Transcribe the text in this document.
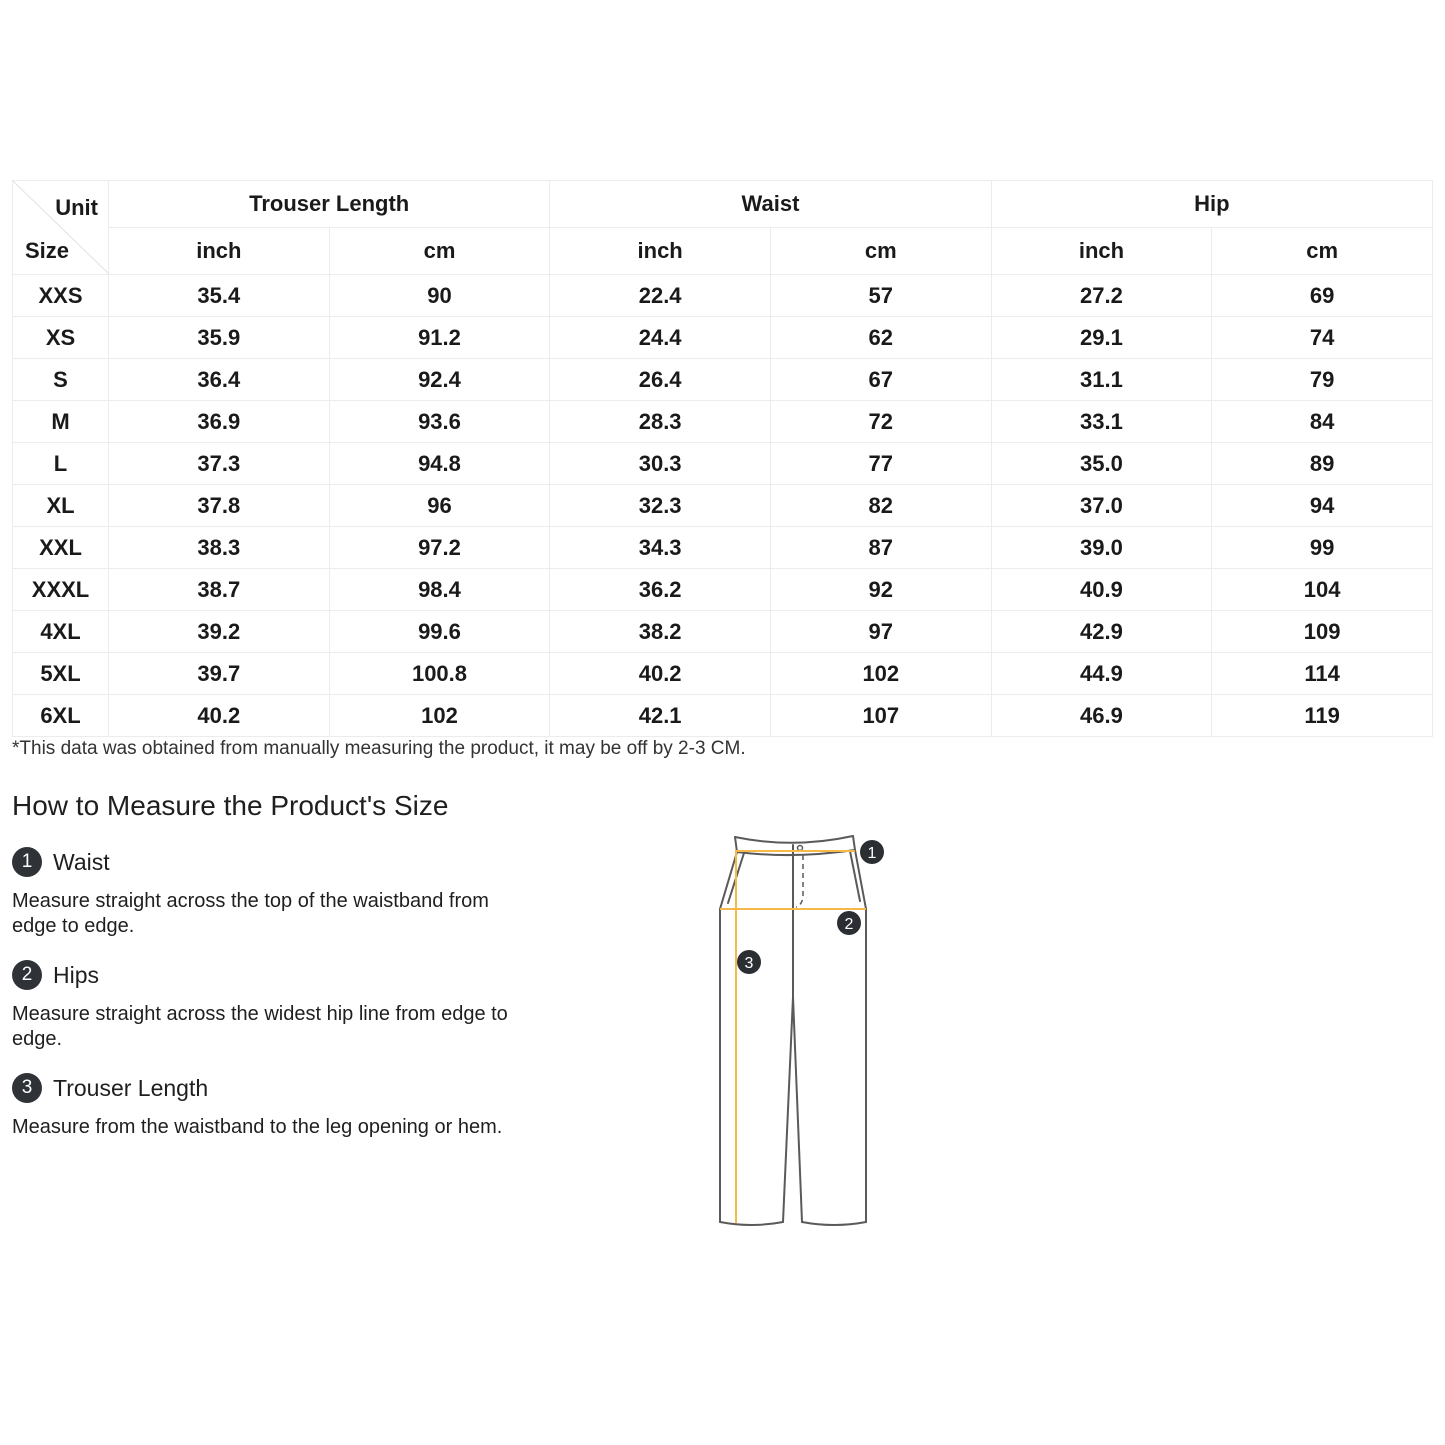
Unit
Size	Trouser Length		Waist		Hip	
	inch	cm	inch	cm	inch	cm
XXS	35.4	90	22.4	57	27.2	69
XS	35.9	91.2	24.4	62	29.1	74
S	36.4	92.4	26.4	67	31.1	79
M	36.9	93.6	28.3	72	33.1	84
L	37.3	94.8	30.3	77	35.0	89
XL	37.8	96	32.3	82	37.0	94
XXL	38.3	97.2	34.3	87	39.0	99
XXXL	38.7	98.4	36.2	92	40.9	104
4XL	39.2	99.6	38.2	97	42.9	109
5XL	39.7	100.8	40.2	102	44.9	114
6XL	40.2	102	42.1	107	46.9	119
*This data was obtained from manually measuring the product, it may be off by 2-3 CM.
How to Measure the Product's Size
1 Waist
Measure straight across the top of the waistband from edge to edge.
2 Hips
Measure straight across the widest hip line from edge to edge.
3 Trouser Length
Measure from the waistband to the leg opening or hem.
1
2
3
